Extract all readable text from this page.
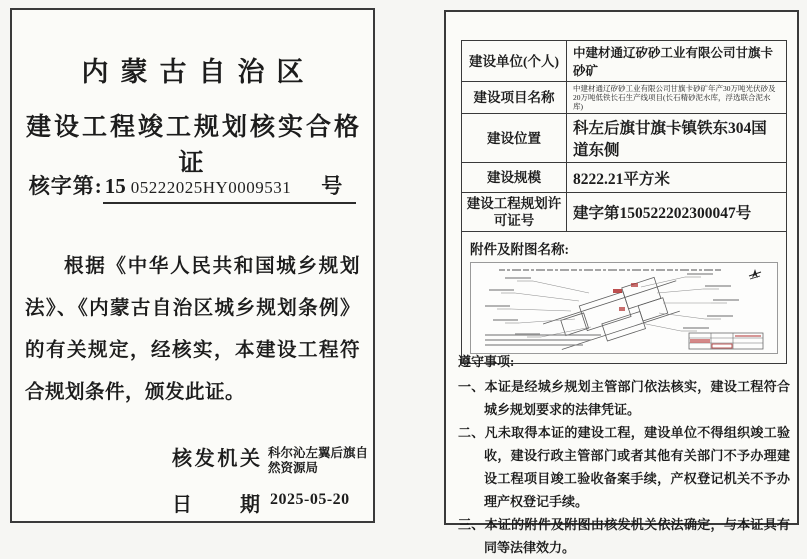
内蒙古自治区
建设工程竣工规划核实合格证
核字第:15 05222025HY0009531 号
根据《中华人民共和国城乡规划法》、《内蒙古自治区城乡规划条例》 的有关规定，经核实，本建设工程符合规划条件，颁发此证。
核发机关 科尔沁左翼后旗自然资源局
日期 2025-05-20
建设单位(个人)	中建材通辽矽砂工业有限公司甘旗卡砂矿
建设项目名称	中建材通辽矽砂工业有限公司甘旗卡砂矿年产30万吨光伏砂及20万吨低铁长石生产线项目(长石精砂泥水库，浮选联合泥水库)
建设位置	科左后旗甘旗卡镇铁东304国道东侧
建设规模	8222.21平方米
建设工程规划许可证号	建字第150522202300047号

附件及附图名称:	
遵守事项:
一、本证是经城乡规划主管部门依法核实，建设工程符合城乡规划要求的法律凭证。
二、凡未取得本证的建设工程，建设单位不得组织竣工验收，建设行政主管部门或者其他有关部门不予办理建设工程项目竣工验收备案手续，产权登记机关不予办理产权登记手续。
三、本证的附件及附图由核发机关依法确定，与本证具有同等法律效力。
